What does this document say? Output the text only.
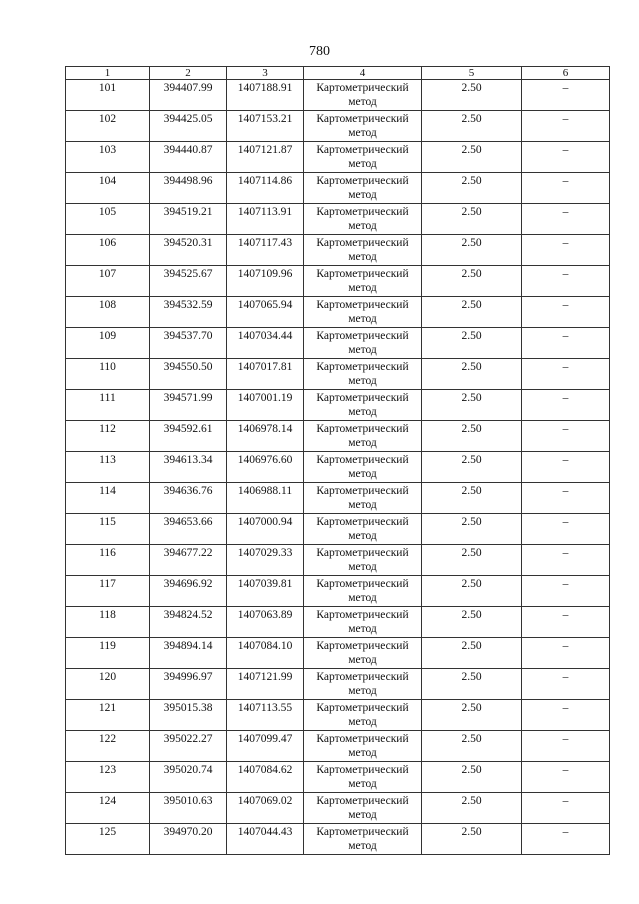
780
1	2	3	4	5	6
101	394407.99	1407188.91	Картометрический метод	2.50	–
102	394425.05	1407153.21	Картометрический метод	2.50	–
103	394440.87	1407121.87	Картометрический метод	2.50	–
104	394498.96	1407114.86	Картометрический метод	2.50	–
105	394519.21	1407113.91	Картометрический метод	2.50	–
106	394520.31	1407117.43	Картометрический метод	2.50	–
107	394525.67	1407109.96	Картометрический метод	2.50	–
108	394532.59	1407065.94	Картометрический метод	2.50	–
109	394537.70	1407034.44	Картометрический метод	2.50	–
110	394550.50	1407017.81	Картометрический метод	2.50	–
111	394571.99	1407001.19	Картометрический метод	2.50	–
112	394592.61	1406978.14	Картометрический метод	2.50	–
113	394613.34	1406976.60	Картометрический метод	2.50	–
114	394636.76	1406988.11	Картометрический метод	2.50	–
115	394653.66	1407000.94	Картометрический метод	2.50	–
116	394677.22	1407029.33	Картометрический метод	2.50	–
117	394696.92	1407039.81	Картометрический метод	2.50	–
118	394824.52	1407063.89	Картометрический метод	2.50	–
119	394894.14	1407084.10	Картометрический метод	2.50	–
120	394996.97	1407121.99	Картометрический метод	2.50	–
121	395015.38	1407113.55	Картометрический метод	2.50	–
122	395022.27	1407099.47	Картометрический метод	2.50	–
123	395020.74	1407084.62	Картометрический метод	2.50	–
124	395010.63	1407069.02	Картометрический метод	2.50	–
125	394970.20	1407044.43	Картометрический метод	2.50	–
